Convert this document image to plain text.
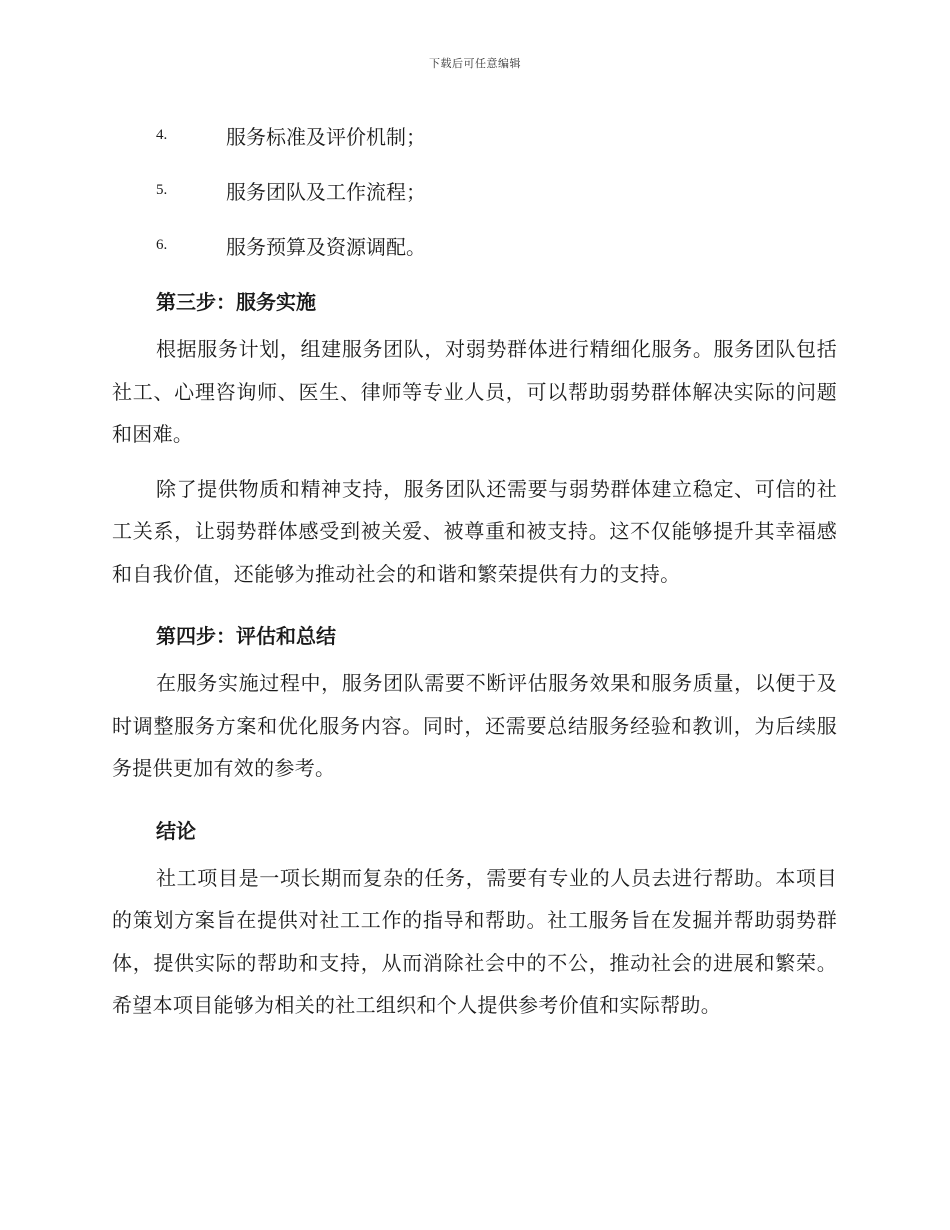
下载后可任意编辑
4.	服务标准及评价机制；
5.	服务团队及工作流程；
6.	服务预算及资源调配。
第三步：服务实施

根据服务计划，组建服务团队，对弱势群体进行精细化服务。服务团队包括社工、心理咨询师、医生、律师等专业人员，可以帮助弱势群体解决实际的问题和困难。

除了提供物质和精神支持，服务团队还需要与弱势群体建立稳定、可信的社工关系，让弱势群体感受到被关爱、被尊重和被支持。这不仅能够提升其幸福感和自我价值，还能够为推动社会的和谐和繁荣提供有力的支持。

第四步：评估和总结

在服务实施过程中，服务团队需要不断评估服务效果和服务质量，以便于及时调整服务方案和优化服务内容。同时，还需要总结服务经验和教训，为后续服务提供更加有效的参考。

结论

社工项目是一项长期而复杂的任务，需要有专业的人员去进行帮助。本项目的策划方案旨在提供对社工工作的指导和帮助。社工服务旨在发掘并帮助弱势群体，提供实际的帮助和支持，从而消除社会中的不公，推动社会的进展和繁荣。希望本项目能够为相关的社工组织和个人提供参考价值和实际帮助。
